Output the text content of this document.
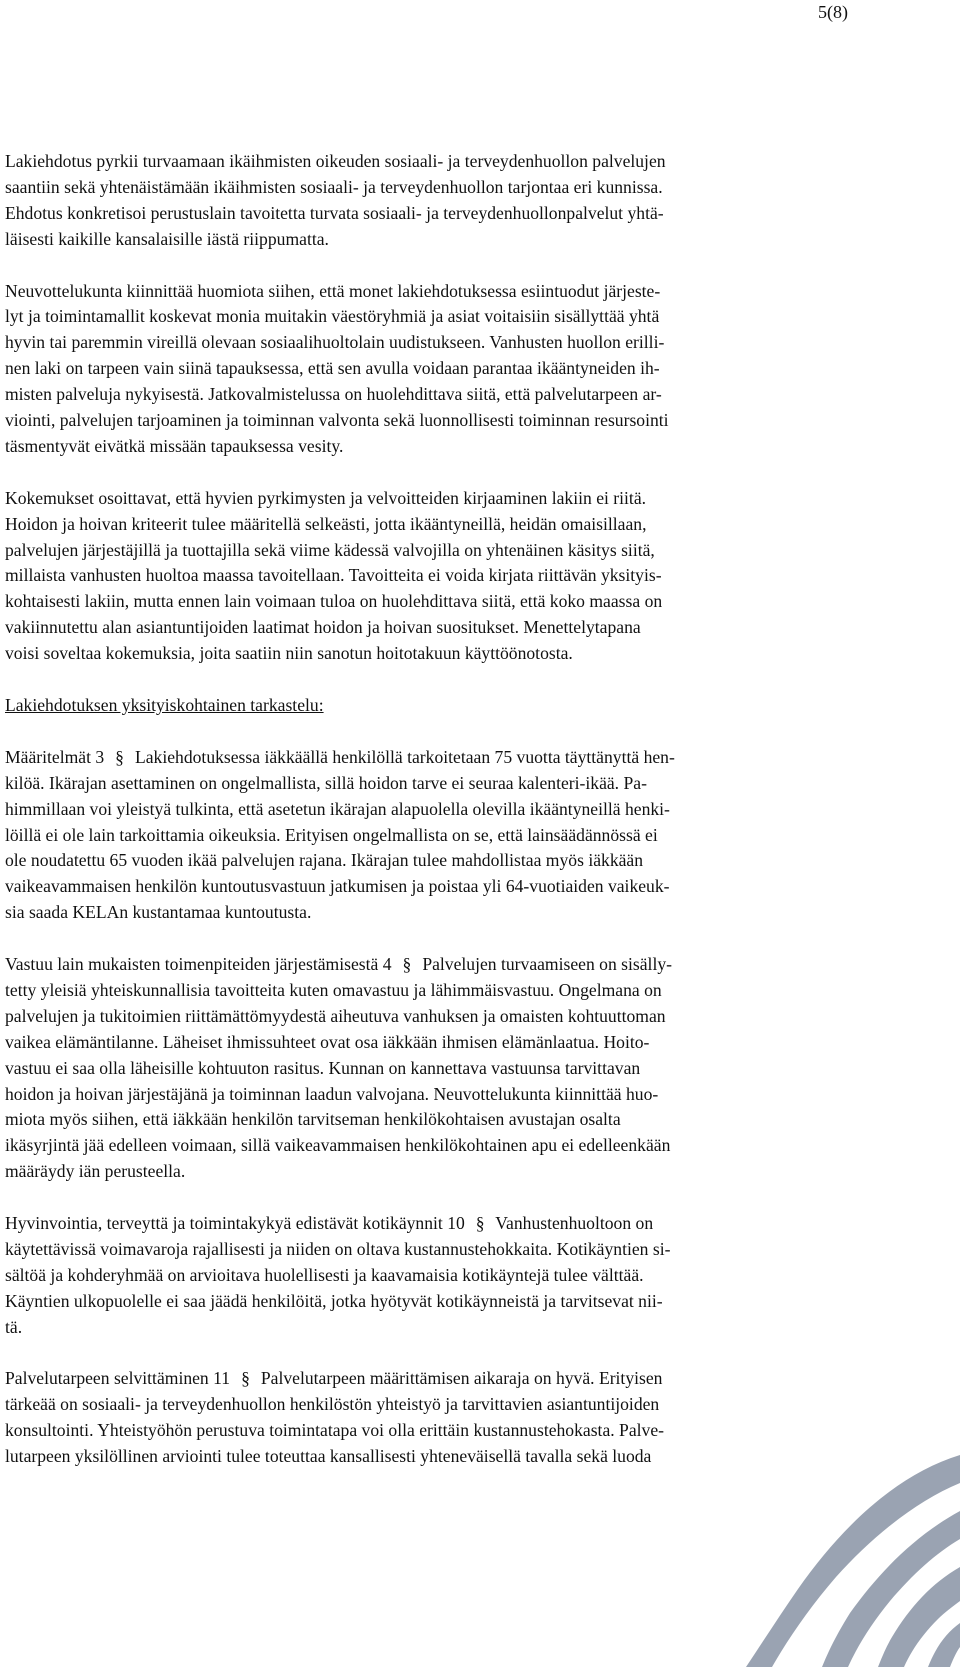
5(8)
Lakiehdotus pyrkii turvaamaan ikäihmisten oikeuden sosiaali- ja terveydenhuollon palvelujen
saantiin sekä yhtenäistämään ikäihmisten sosiaali- ja terveydenhuollon tarjontaa eri kunnissa.
Ehdotus konkretisoi perustuslain tavoitetta turvata sosiaali- ja terveydenhuollonpalvelut yhtä-
läisesti kaikille kansalaisille iästä riippumatta.
Neuvottelukunta kiinnittää huomiota siihen, että monet lakiehdotuksessa esiintuodut järjeste-
lyt ja toimintamallit koskevat monia muitakin väestöryhmiä ja asiat voitaisiin sisällyttää yhtä
hyvin tai paremmin vireillä olevaan sosiaalihuoltolain uudistukseen. Vanhusten huollon erilli-
nen laki on tarpeen vain siinä tapauksessa, että sen avulla voidaan parantaa ikääntyneiden ih-
misten palveluja nykyisestä. Jatkovalmistelussa on huolehdittava siitä, että palvelutarpeen ar-
viointi, palvelujen tarjoaminen ja toiminnan valvonta sekä luonnollisesti toiminnan resursointi
täsmentyvät eivätkä missään tapauksessa vesity.
Kokemukset osoittavat, että hyvien pyrkimysten ja velvoitteiden kirjaaminen lakiin ei riitä.
Hoidon ja hoivan kriteerit tulee määritellä selkeästi, jotta ikääntyneillä, heidän omaisillaan,
palvelujen järjestäjillä ja tuottajilla sekä viime kädessä valvojilla on yhtenäinen käsitys siitä,
millaista vanhusten huoltoa maassa tavoitellaan. Tavoitteita ei voida kirjata riittävän yksityis-
kohtaisesti lakiin, mutta ennen lain voimaan tuloa on huolehdittava siitä, että koko maassa on
vakiinnutettu alan asiantuntijoiden laatimat hoidon ja hoivan suositukset. Menettelytapana
voisi soveltaa kokemuksia, joita saatiin niin sanotun hoitotakuun käyttöönotosta.
Lakiehdotuksen yksityiskohtainen tarkastelu:
Määritelmät 3 § Lakiehdotuksessa iäkkäällä henkilöllä tarkoitetaan 75 vuotta täyttänyttä hen-
kilöä. Ikärajan asettaminen on ongelmallista, sillä hoidon tarve ei seuraa kalenteri-ikää. Pa-
himmillaan voi yleistyä tulkinta, että asetetun ikärajan alapuolella olevilla ikääntyneillä henki-
löillä ei ole lain tarkoittamia oikeuksia. Erityisen ongelmallista on se, että lainsäädännössä ei
ole noudatettu 65 vuoden ikää palvelujen rajana. Ikärajan tulee mahdollistaa myös iäkkään
vaikeavammaisen henkilön kuntoutusvastuun jatkumisen ja poistaa yli 64-vuotiaiden vaikeuk-
sia saada KELAn kustantamaa kuntoutusta.
Vastuu lain mukaisten toimenpiteiden järjestämisestä 4 § Palvelujen turvaamiseen on sisälly-
tetty yleisiä yhteiskunnallisia tavoitteita kuten omavastuu ja lähimmäisvastuu. Ongelmana on
palvelujen ja tukitoimien riittämättömyydestä aiheutuva vanhuksen ja omaisten kohtuuttoman
vaikea elämäntilanne. Läheiset ihmissuhteet ovat osa iäkkään ihmisen elämänlaatua. Hoito-
vastuu ei saa olla läheisille kohtuuton rasitus. Kunnan on kannettava vastuunsa tarvittavan
hoidon ja hoivan järjestäjänä ja toiminnan laadun valvojana. Neuvottelukunta kiinnittää huo-
miota myös siihen, että iäkkään henkilön tarvitseman henkilökohtaisen avustajan osalta
ikäsyrjintä jää edelleen voimaan, sillä vaikeavammaisen henkilökohtainen apu ei edelleenkään
määräydy iän perusteella.
Hyvinvointia, terveyttä ja toimintakykyä edistävät kotikäynnit 10 § Vanhustenhuoltoon on
käytettävissä voimavaroja rajallisesti ja niiden on oltava kustannustehokkaita. Kotikäyntien si-
sältöä ja kohderyhmää on arvioitava huolellisesti ja kaavamaisia kotikäyntejä tulee välttää.
Käyntien ulkopuolelle ei saa jäädä henkilöitä, jotka hyötyvät kotikäynneistä ja tarvitsevat nii-
tä.
Palvelutarpeen selvittäminen 11 § Palvelutarpeen määrittämisen aikaraja on hyvä. Erityisen
tärkeää on sosiaali- ja terveydenhuollon henkilöstön yhteistyö ja tarvittavien asiantuntijoiden
konsultointi. Yhteistyöhön perustuva toimintatapa voi olla erittäin kustannustehokasta. Palve-
lutarpeen yksilöllinen arviointi tulee toteuttaa kansallisesti yhteneväisellä tavalla sekä luoda
